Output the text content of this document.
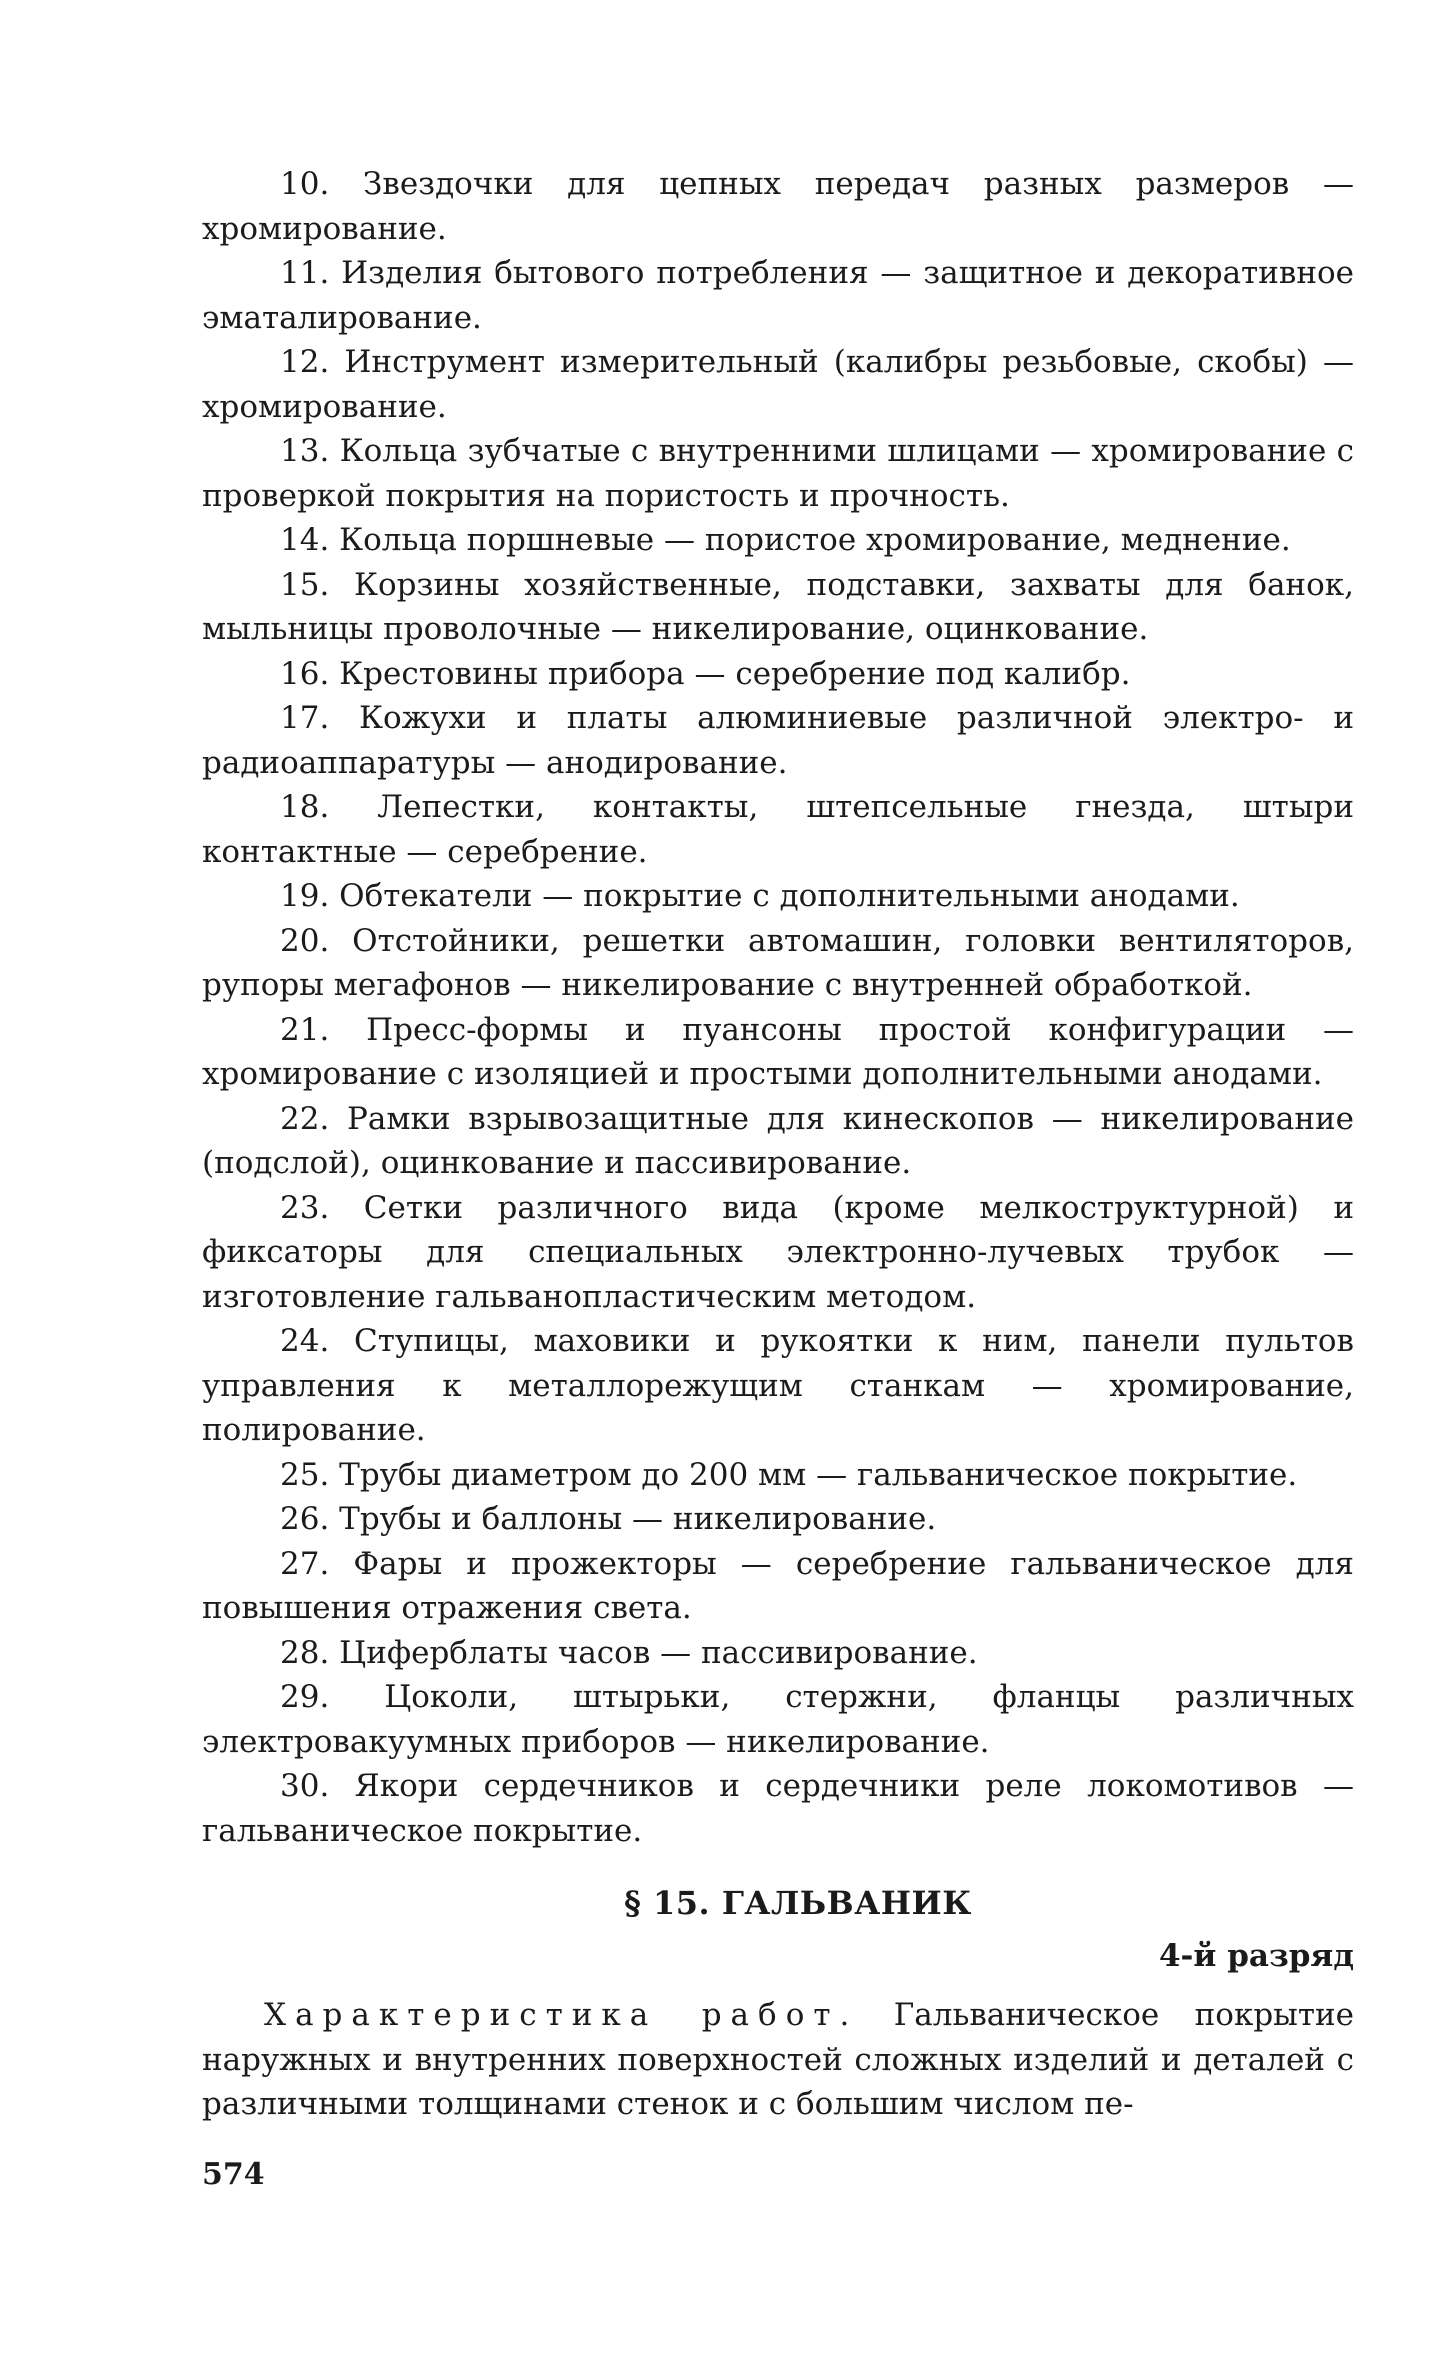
10. Звездочки для цепных передач разных размеров — хромирование.

11. Изделия бытового потребления — защитное и декоративное эматалирование.

12. Инструмент измерительный (калибры резьбовые, скобы) — хромирование.

13. Кольца зубчатые с внутренними шлицами — хромирование с проверкой покрытия на пористость и прочность.

14. Кольца поршневые — пористое хромирование, меднение.

15. Корзины хозяйственные, подставки, захваты для банок, мыльницы проволочные — никелирование, оцинкование.

16. Крестовины прибора — серебрение под калибр.

17. Кожухи и платы алюминиевые различной электро- и радиоаппаратуры — анодирование.

18. Лепестки, контакты, штепсельные гнезда, штыри контактные — серебрение.

19. Обтекатели — покрытие с дополнительными анодами.

20. Отстойники, решетки автомашин, головки вентиляторов, рупоры мегафонов — никелирование с внутренней обработкой.

21. Пресс-формы и пуансоны простой конфигурации — хромирование с изоляцией и простыми дополнительными анодами.

22. Рамки взрывозащитные для кинескопов — никелирование (подслой), оцинкование и пассивирование.

23. Сетки различного вида (кроме мелкоструктурной) и фиксаторы для специальных электронно-лучевых трубок — изготовление гальванопластическим методом.

24. Ступицы, маховики и рукоятки к ним, панели пультов управления к металлорежущим станкам — хромирование, полирование.

25. Трубы диаметром до 200 мм — гальваническое покрытие.

26. Трубы и баллоны — никелирование.

27. Фары и прожекторы — серебрение гальваническое для повышения отражения света.

28. Циферблаты часов — пассивирование.

29. Цоколи, штырьки, стержни, фланцы различных электровакуумных приборов — никелирование.

30. Якори сердечников и сердечники реле локомотивов — гальваническое покрытие.

§ 15. ГАЛЬВАНИК
4-й разряд

Характеристика работ. Гальваническое покрытие наружных и внутренних поверхностей сложных изделий и деталей с различными толщинами стенок и с большим числом пе-

574
